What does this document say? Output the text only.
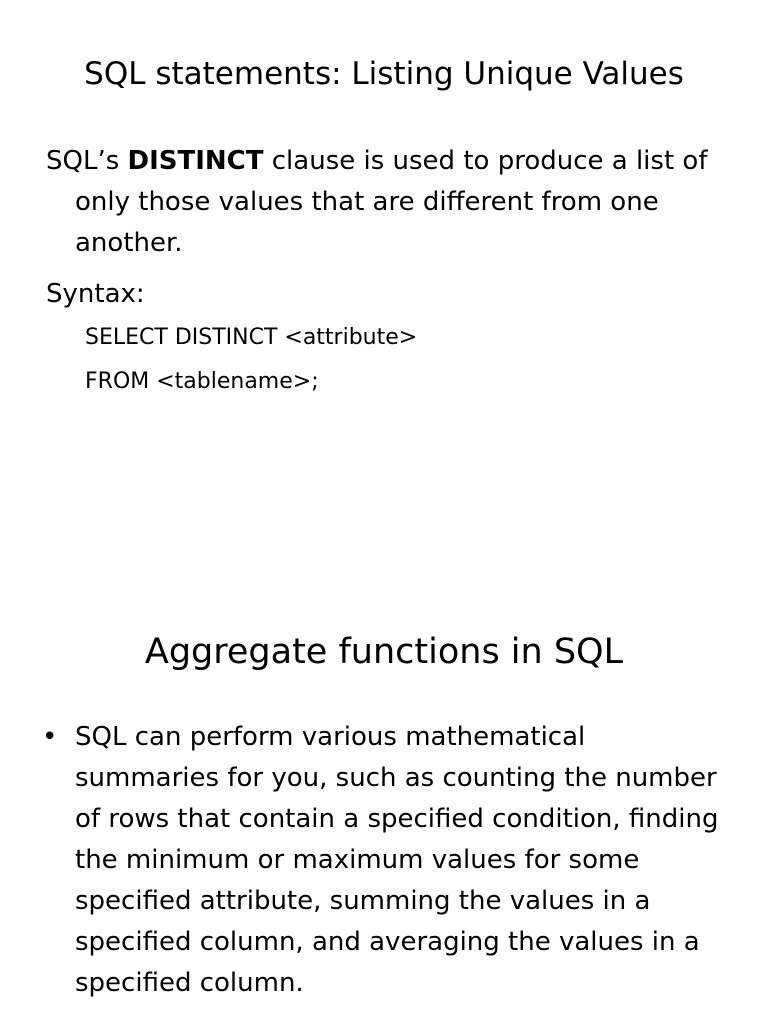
SQL statements: Listing Unique Values

SQL’s DISTINCT clause is used to produce a list of only those values that are different from one another.

Syntax:

SELECT DISTINCT <attribute>

FROM <tablename>;

Aggregate functions in SQL
• SQL can perform various mathematical summaries for you, such as counting the number of rows that contain a specified condition, finding the minimum or maximum values for some specified attribute, summing the values in a specified column, and averaging the values in a specified column.
